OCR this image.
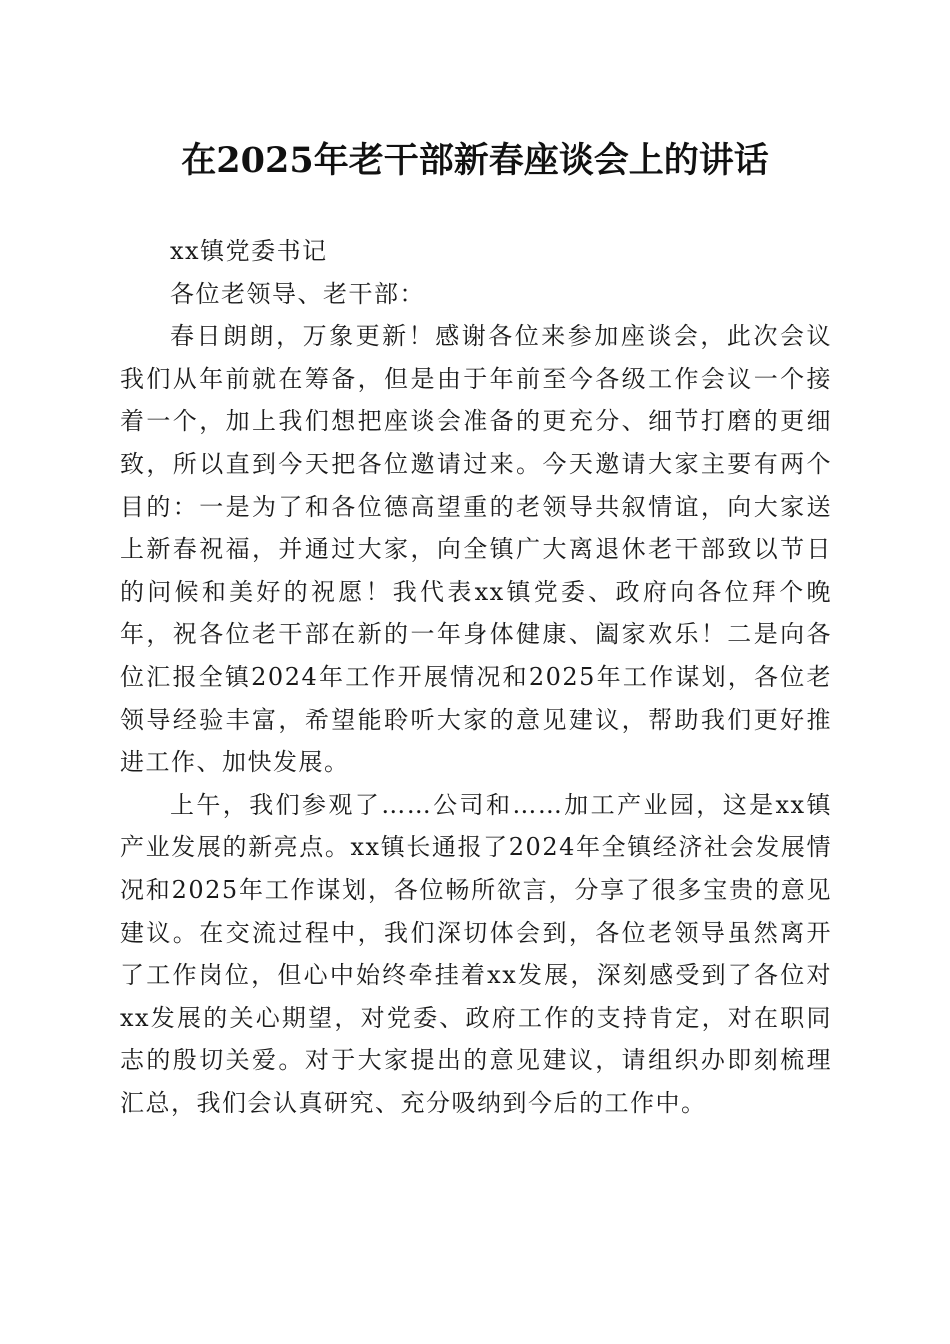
在2025年老干部新春座谈会上的讲话

xx镇党委书记

各位老领导、老干部：

春日朗朗，万象更新！感谢各位来参加座谈会，此次会议我们从年前就在筹备，但是由于年前至今各级工作会议一个接着一个，加上我们想把座谈会准备的更充分、细节打磨的更细致，所以直到今天把各位邀请过来。今天邀请大家主要有两个目的：一是为了和各位德高望重的老领导共叙情谊，向大家送上新春祝福，并通过大家，向全镇广大离退休老干部致以节日的问候和美好的祝愿！我代表xx镇党委、政府向各位拜个晚年，祝各位老干部在新的一年身体健康、阖家欢乐！二是向各位汇报全镇2024年工作开展情况和2025年工作谋划，各位老领导经验丰富，希望能聆听大家的意见建议，帮助我们更好推进工作、加快发展。

上午，我们参观了……公司和……加工产业园，这是xx镇产业发展的新亮点。xx镇长通报了2024年全镇经济社会发展情况和2025年工作谋划，各位畅所欲言，分享了很多宝贵的意见建议。在交流过程中，我们深切体会到，各位老领导虽然离开了工作岗位，但心中始终牵挂着xx发展，深刻感受到了各位对xx发展的关心期望，对党委、政府工作的支持肯定，对在职同志的殷切关爱。对于大家提出的意见建议，请组织办即刻梳理汇总，我们会认真研究、充分吸纳到今后的工作中。
